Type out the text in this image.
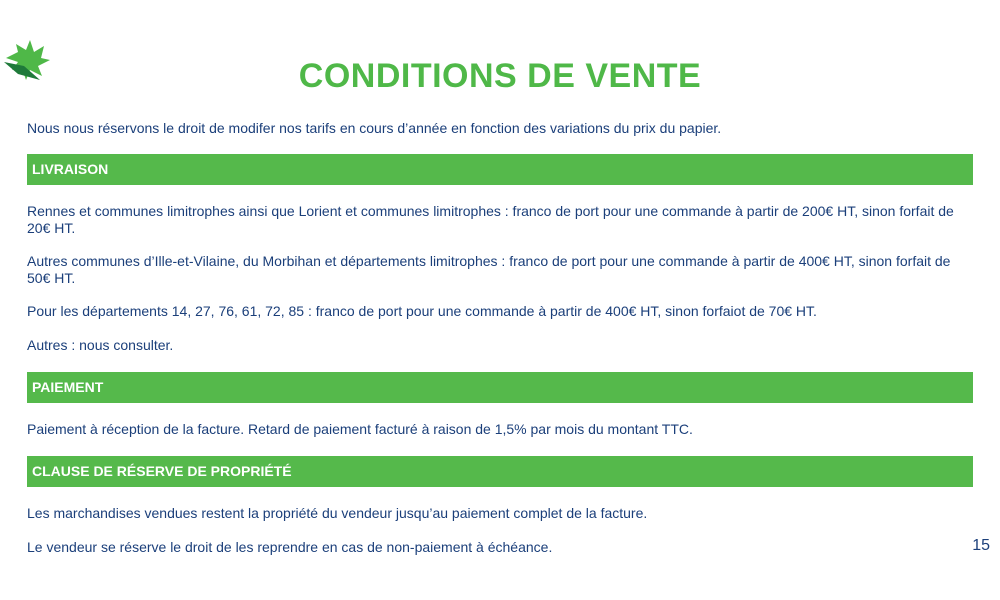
CONDITIONS DE VENTE
Nous nous réservons le droit de modifer nos tarifs en cours d’année en fonction des variations du prix du papier.
LIVRAISON
Rennes et communes limitrophes ainsi que Lorient et communes limitrophes : franco de port pour une commande à partir de 200€ HT, sinon forfait de 20€ HT.
Autres communes d’Ille-et-Vilaine, du Morbihan et départements limitrophes : franco de port pour une commande à partir de 400€ HT, sinon forfait de 50€ HT.
Pour les départements 14, 27, 76, 61, 72, 85 : franco de port pour une commande à partir de 400€ HT, sinon forfaiot de 70€ HT.
Autres : nous consulter.
PAIEMENT
Paiement à réception de la facture. Retard de paiement facturé à raison de 1,5% par mois du montant TTC.
CLAUSE DE RÉSERVE DE PROPRIÉTÉ
Les marchandises vendues restent la propriété du vendeur jusqu’au paiement complet de la facture.
Le vendeur se réserve le droit de les reprendre en cas de non-paiement à échéance.	15
